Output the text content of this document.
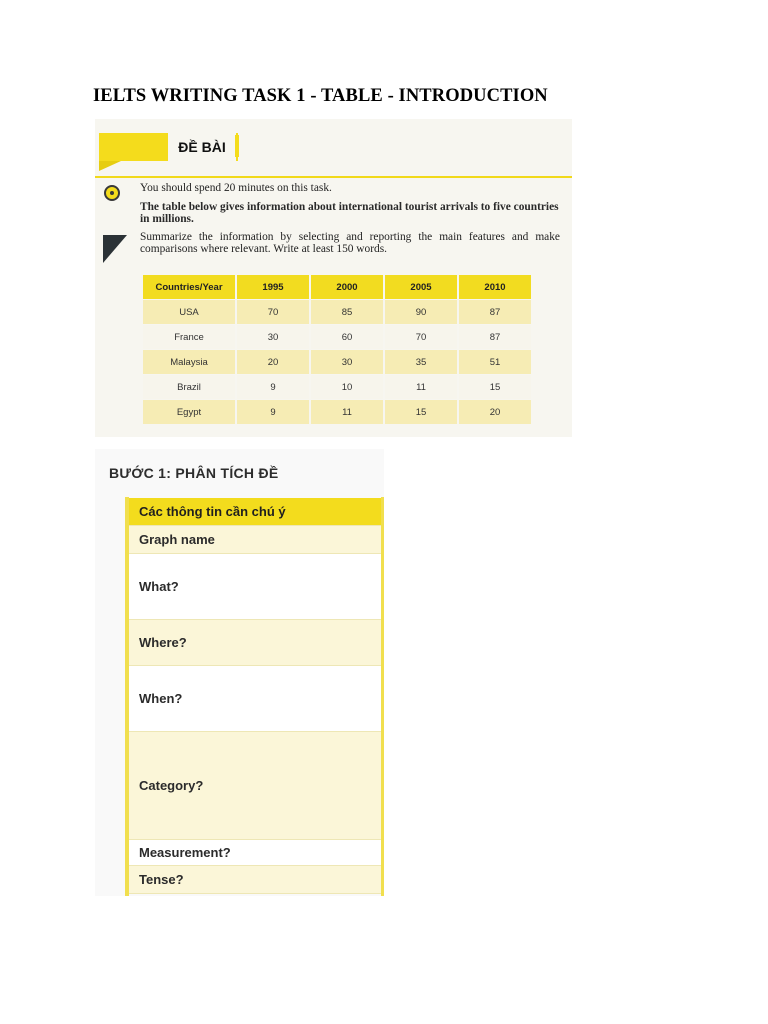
IELTS WRITING TASK 1 - TABLE - INTRODUCTION
ĐỀ BÀI
You should spend 20 minutes on this task.
The table below gives information about international tourist arrivals to five countries in millions.
Summarize the information by selecting and reporting the main features and make comparisons where relevant. Write at least 150 words.
Countries/Year	1995	2000	2005	2010
USA	70	85	90	87
France	30	60	70	87
Malaysia	20	30	35	51
Brazil	9	10	11	15
Egypt	9	11	15	20
BƯỚC 1: PHÂN TÍCH ĐỀ
Các thông tin cần chú ý
Graph name
What?
Where?
When?
Category?
Measurement?
Tense?
